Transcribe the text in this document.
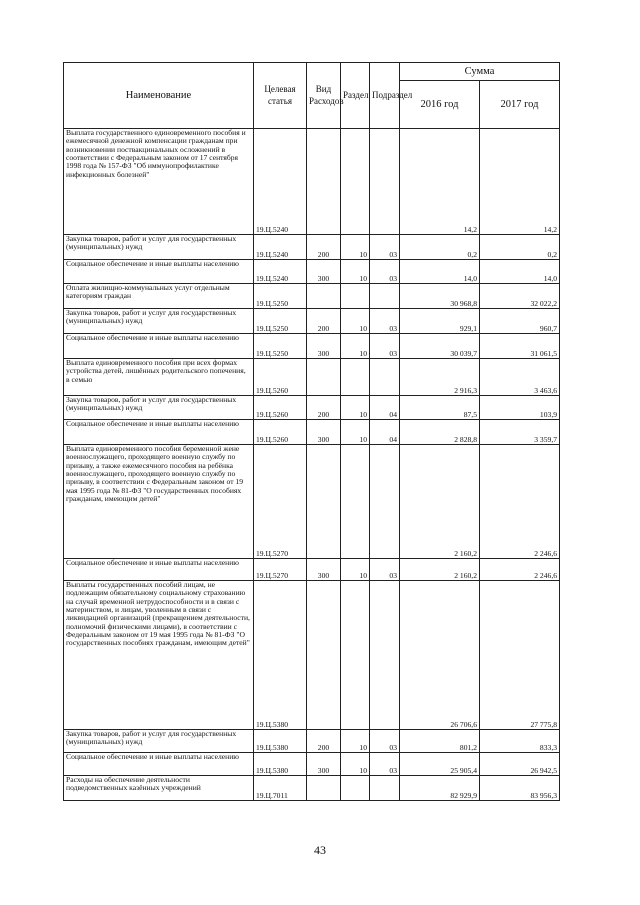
Наименование	Целевая статья	Вид Расходов	Раздел	Подраздел	Сумма	
					2016 год	2017 год
Выплата государственного единовременного пособия и ежемесячной денежной компенсации гражданам при возникновении поствакцинальных осложнений в соответствии с Федеральным законом от 17 сентября 1998 года № 157-ФЗ "Об иммунопрофилактике инфекционных болезней"	19.Ц.5240				14,2	14,2
Закупка товаров, работ и услуг для государственных (муниципальных) нужд	19.Ц.5240	200	10	03	0,2	0,2
Социальное обеспечение и иные выплаты населению	19.Ц.5240	300	10	03	14,0	14,0
Оплата жилищно-коммунальных услуг отдельным категориям граждан	19.Ц.5250				30 968,8	32 022,2
Закупка товаров, работ и услуг для государственных (муниципальных) нужд	19.Ц.5250	200	10	03	929,1	960,7
Социальное обеспечение и иные выплаты населению	19.Ц.5250	300	10	03	30 039,7	31 061,5
Выплата единовременного пособия при всех формах устройства детей, лишённых родительского попечения, в семью	19.Ц.5260				2 916,3	3 463,6
Закупка товаров, работ и услуг для государственных (муниципальных) нужд	19.Ц.5260	200	10	04	87,5	103,9
Социальное обеспечение и иные выплаты населению	19.Ц.5260	300	10	04	2 828,8	3 359,7
Выплата единовременного пособия беременной жене военнослужащего, проходящего военную службу по призыву, а также ежемесячного пособия на ребёнка военнослужащего, проходящего военную службу по призыву, в соответствии с Федеральным законом от 19 мая 1995 года № 81-ФЗ "О государственных пособиях гражданам, имеющим детей"	19.Ц.5270				2 160,2	2 246,6
Социальное обеспечение и иные выплаты населению	19.Ц.5270	300	10	03	2 160,2	2 246,6
Выплаты государственных пособий лицам, не подлежащим обязательному социальному страхованию на случай временной нетрудоспособности и в связи с материнством, и лицам, уволенным в связи с ликвидацией организаций (прекращением деятельности, полномочий физическими лицами), в соответствии с Федеральным законом от 19 мая 1995 года № 81-ФЗ "О государственных пособиях гражданам, имеющим детей"	19.Ц.5380				26 706,6	27 775,8
Закупка товаров, работ и услуг для государственных (муниципальных) нужд	19.Ц.5380	200	10	03	801,2	833,3
Социальное обеспечение и иные выплаты населению	19.Ц.5380	300	10	03	25 905,4	26 942,5
Расходы на обеспечение деятельности подведомственных казённых учреждений	19.Ц.7011				82 929,9	83 956,3
43
